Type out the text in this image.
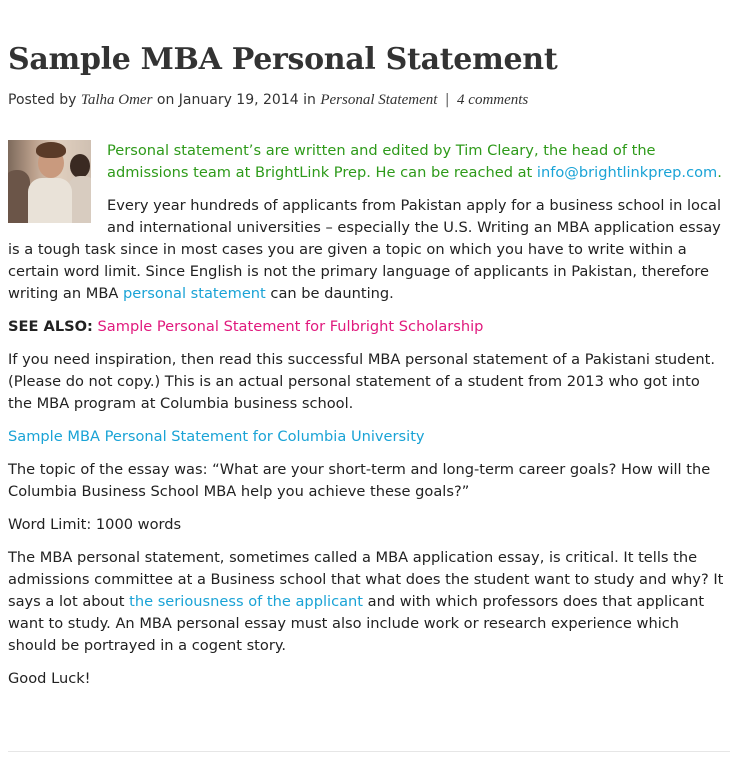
Sample MBA Personal Statement
Posted by Talha Omer on January 19, 2014 in Personal Statement | 4 comments

Personal statement’s are written and edited by Tim Cleary, the head of the admissions team at BrightLink Prep. He can be reached at info@brightlinkprep.com.

Every year hundreds of applicants from Pakistan apply for a business school in local and international universities – especially the U.S. Writing an MBA application essay is a tough task since in most cases you are given a topic on which you have to write within a certain word limit. Since English is not the primary language of applicants in Pakistan, therefore writing an MBA personal statement can be daunting.

SEE ALSO: Sample Personal Statement for Fulbright Scholarship

If you need inspiration, then read this successful MBA personal statement of a Pakistani student. (Please do not copy.) This is an actual personal statement of a student from 2013 who got into the MBA program at Columbia business school.

Sample MBA Personal Statement for Columbia University

The topic of the essay was: “What are your short-term and long-term career goals? How will the Columbia Business School MBA help you achieve these goals?”

Word Limit: 1000 words

The MBA personal statement, sometimes called a MBA application essay, is critical. It tells the admissions committee at a Business school that what does the student want to study and why? It says a lot about the seriousness of the applicant and with which professors does that applicant want to study. An MBA personal essay must also include work or research experience which should be portrayed in a cogent story.

Good Luck!
